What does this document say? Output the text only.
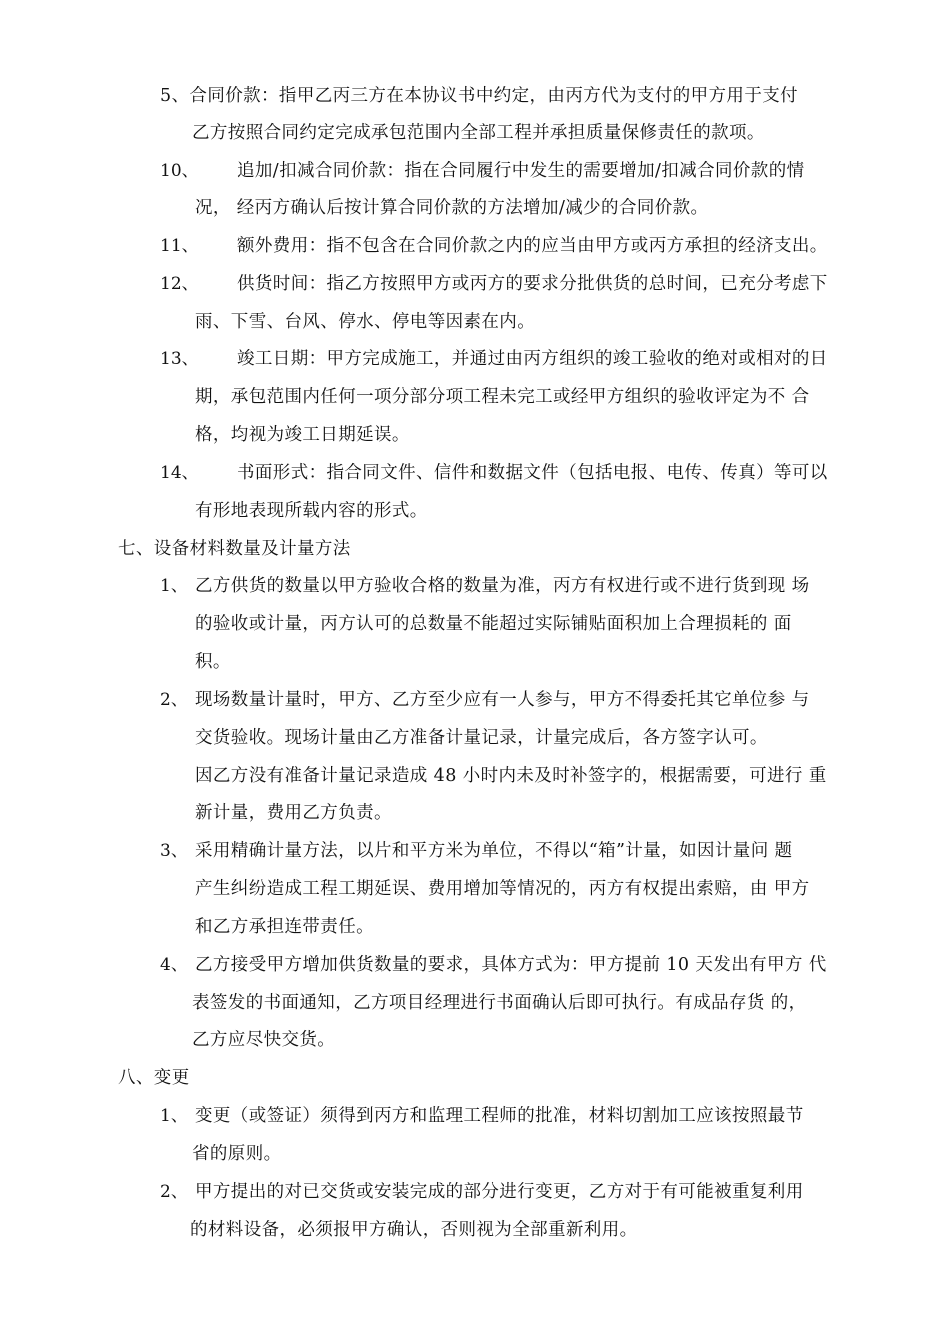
5、合同价款：指甲乙丙三方在本协议书中约定，由丙方代为支付的甲方用于支付
乙方按照合同约定完成承包范围内全部工程并承担质量保修责任的款项。
10、 追加/扣减合同价款：指在合同履行中发生的需要增加/扣减合同价款的情
况， 经丙方确认后按计算合同价款的方法增加/减少的合同价款。
11、 额外费用：指不包含在合同价款之内的应当由甲方或丙方承担的经济支出。
12、 供货时间：指乙方按照甲方或丙方的要求分批供货的总时间，已充分考虑下
雨、下雪、台风、停水、停电等因素在内。
13、 竣工日期：甲方完成施工，并通过由丙方组织的竣工验收的绝对或相对的日
期，承包范围内任何一项分部分项工程未完工或经甲方组织的验收评定为不 合
格，均视为竣工日期延误。
14、 书面形式：指合同文件、信件和数据文件（包括电报、电传、传真）等可以
有形地表现所载内容的形式。
七、设备材料数量及计量方法
1、 乙方供货的数量以甲方验收合格的数量为准，丙方有权进行或不进行货到现 场
的验收或计量，丙方认可的总数量不能超过实际铺贴面积加上合理损耗的 面
积。
2、 现场数量计量时，甲方、乙方至少应有一人参与，甲方不得委托其它单位参 与
交货验收。现场计量由乙方准备计量记录，计量完成后，各方签字认可。
因乙方没有准备计量记录造成 48 小时内未及时补签字的，根据需要，可进行 重
新计量，费用乙方负责。
3、 采用精确计量方法，以片和平方米为单位，不得以“箱”计量，如因计量问 题
产生纠纷造成工程工期延误、费用增加等情况的，丙方有权提出索赔，由 甲方
和乙方承担连带责任。
4、 乙方接受甲方增加供货数量的要求，具体方式为：甲方提前 10 天发出有甲方 代
表签发的书面通知，乙方项目经理进行书面确认后即可执行。有成品存货 的，
乙方应尽快交货。
八、变更
1、 变更（或签证）须得到丙方和监理工程师的批准，材料切割加工应该按照最节
省的原则。
2、 甲方提出的对已交货或安装完成的部分进行变更，乙方对于有可能被重复利用
的材料设备，必须报甲方确认，否则视为全部重新利用。
